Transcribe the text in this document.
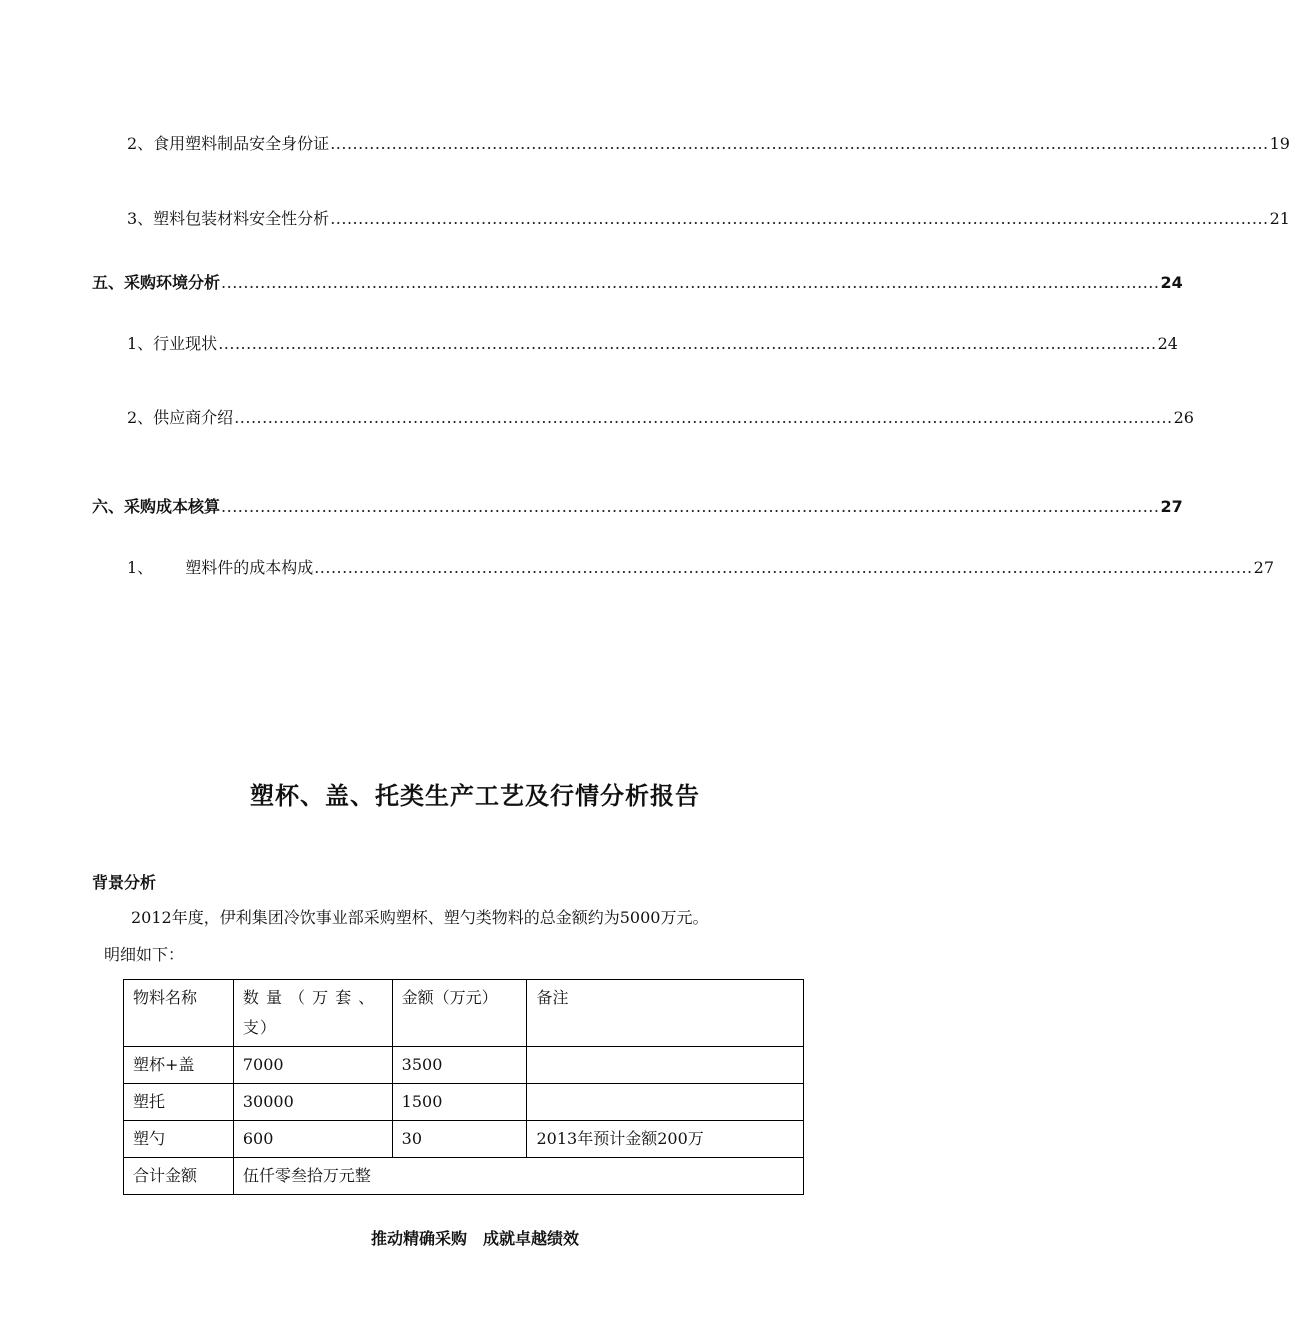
2、食用塑料制品安全身份证 ........................................................................................................................................................................ 19
3、塑料包装材料安全性分析 ........................................................................................................................................................................ 21
五、采购环境分析 ........................................................................................................................................................................ 24
1、行业现状 ........................................................................................................................................................................ 24
2、供应商介绍 ........................................................................................................................................................................ 26
六、采购成本核算 ........................................................................................................................................................................ 27
1、 塑料件的成本构成 ........................................................................................................................................................................ 27
塑杯、盖、托类生产工艺及行情分析报告
背景分析
2012年度，伊利集团冷饮事业部采购塑杯、塑勺类物料的总金额约为5000万元。
明细如下：
物料名称	数 量 （ 万 套 、支）	金额（万元）	备注
塑杯+盖	7000	3500	
塑托	30000	1500	
塑勺	600	30	2013年预计金额200万
合计金额	伍仟零叁拾万元整		
推动精确采购　成就卓越绩效
